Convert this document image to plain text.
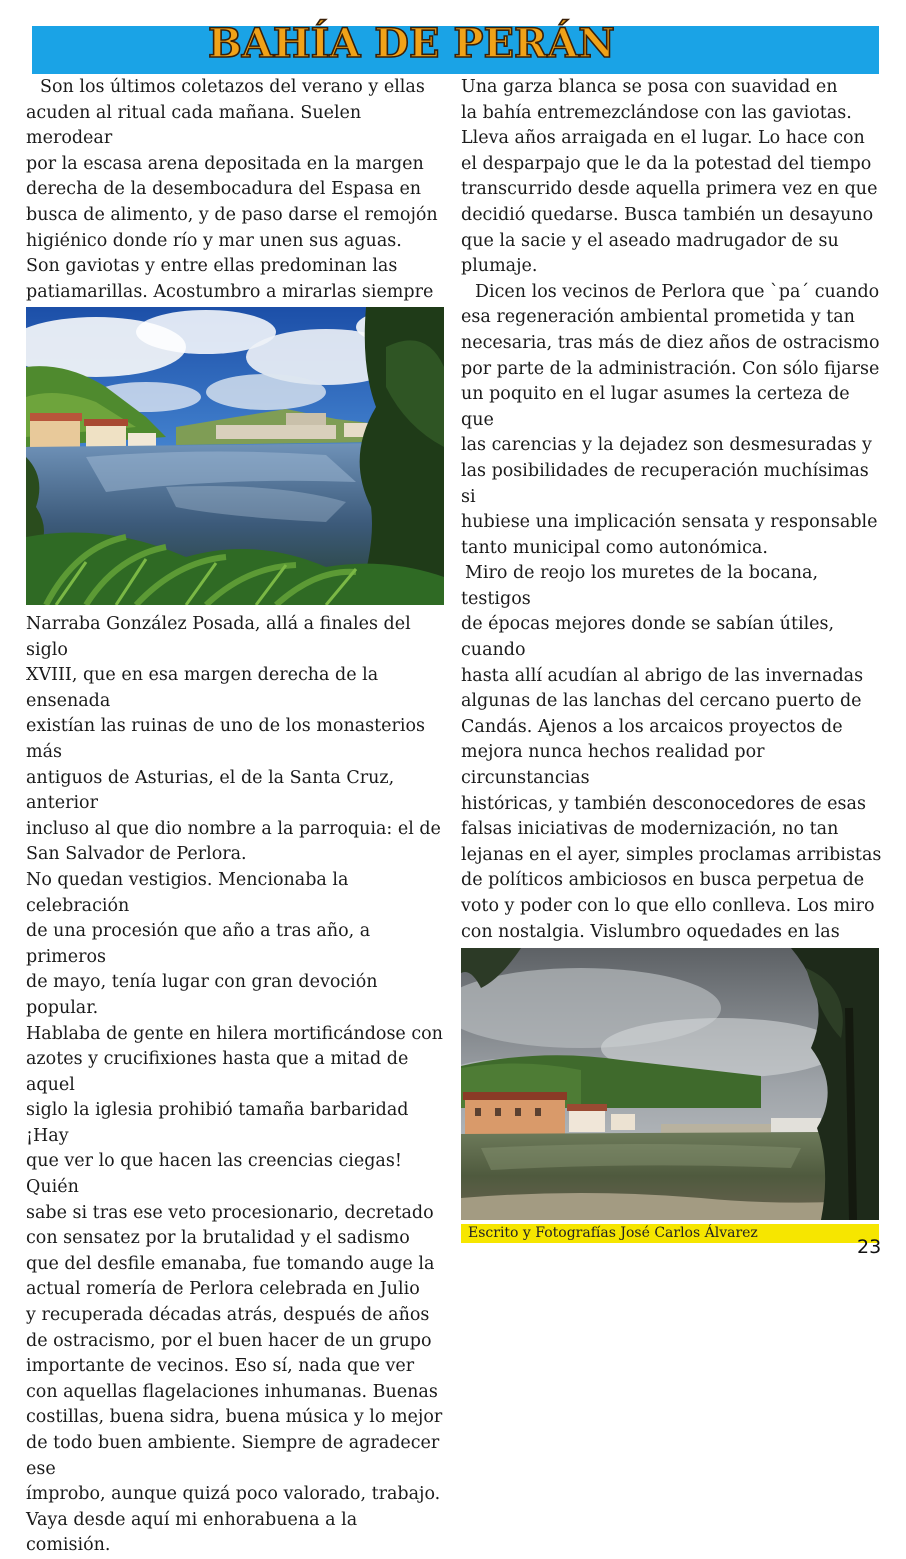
BAHÍA DE PERÁN

Son los últimos coletazos del verano y ellas

acuden al ritual cada mañana. Suelen merodear

por la escasa arena depositada en la margen

derecha de la desembocadura del Espasa en

busca de alimento, y de paso darse el remojón

higiénico donde río y mar unen sus aguas.

Son gaviotas y entre ellas predominan las

patiamarillas. Acostumbro a mirarlas siempre

Narraba González Posada, allá a finales del siglo

XVIII, que en esa margen derecha de la ensenada

existían las ruinas de uno de los monasterios más

antiguos de Asturias, el de la Santa Cruz, anterior

incluso al que dio nombre a la parroquia: el de

San Salvador de Perlora.

No quedan vestigios. Mencionaba la celebración

de una procesión que año a tras año, a primeros

de mayo, tenía lugar con gran devoción popular.

Hablaba de gente en hilera mortificándose con

azotes y crucifixiones hasta que a mitad de aquel

siglo la iglesia prohibió tamaña barbaridad ¡Hay

que ver lo que hacen las creencias ciegas! Quién

sabe si tras ese veto procesionario, decretado

con sensatez por la brutalidad y el sadismo

que del desfile emanaba, fue tomando auge la

actual romería de Perlora celebrada en Julio

y recuperada décadas atrás, después de años

de ostracismo, por el buen hacer de un grupo

importante de vecinos. Eso sí, nada que ver

con aquellas flagelaciones inhumanas. Buenas

costillas, buena sidra, buena música y lo mejor

de todo buen ambiente. Siempre de agradecer ese

ímprobo, aunque quizá poco valorado, trabajo.

Vaya desde aquí mi enhorabuena a la comisión.

Una garza blanca se posa con suavidad en

la bahía entremezclándose con las gaviotas.

Lleva años arraigada en el lugar. Lo hace con

el desparpajo que le da la potestad del tiempo

transcurrido desde aquella primera vez en que

decidió quedarse. Busca también un desayuno

que la sacie y el aseado madrugador de su

plumaje.

Dicen los vecinos de Perlora que `pa´ cuando

esa regeneración ambiental prometida y tan

necesaria, tras más de diez años de ostracismo

por parte de la administración. Con sólo fijarse

un poquito en el lugar asumes la certeza de que

las carencias y la dejadez son desmesuradas y

las posibilidades de recuperación muchísimas si

hubiese una implicación sensata y responsable

tanto municipal como autonómica.

Miro de reojo los muretes de la bocana, testigos

de épocas mejores donde se sabían útiles, cuando

hasta allí acudían al abrigo de las invernadas

algunas de las lanchas del cercano puerto de

Candás. Ajenos a los arcaicos proyectos de

mejora nunca hechos realidad por circunstancias

históricas, y también desconocedores de esas

falsas iniciativas de modernización, no tan

lejanas en el ayer, simples proclamas arribistas

de políticos ambiciosos en busca perpetua de

voto y poder con lo que ello conlleva. Los miro

con nostalgia. Vislumbro oquedades en las

Escrito y Fotografías José Carlos Álvarez
23
